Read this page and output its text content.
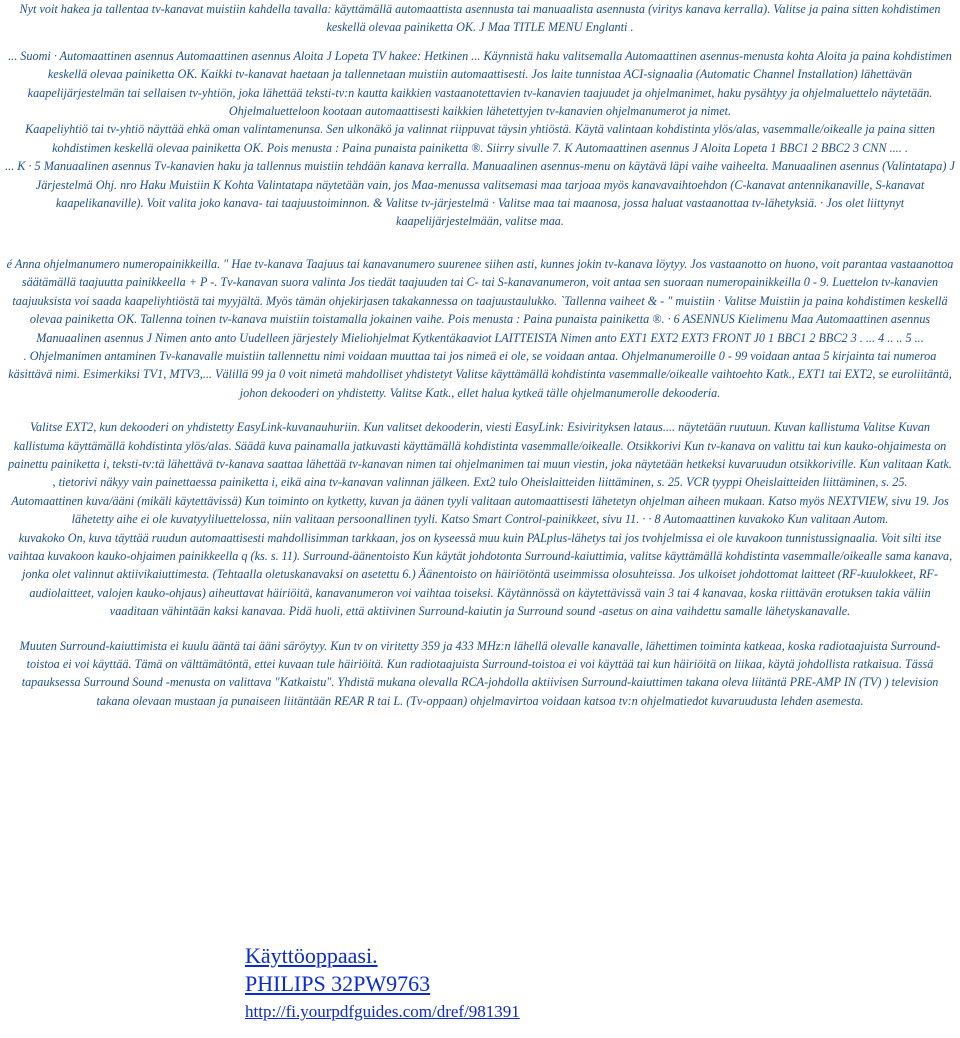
Nyt voit hakea ja tallentaa tv-kanavat muistiin kahdella tavalla: käyttämällä automaattista asennusta tai manuaalista asennusta (viritys kanava kerralla). Valitse ja paina sitten kohdistimen keskellä olevaa painiketta OK. J Maa TITLE MENU Englanti .

... Suomi · Automaattinen asennus Automaattinen asennus Aloita J Lopeta TV hakee: Hetkinen ... Käynnistä haku valitsemalla Automaattinen asennus-menusta kohta Aloita ja paina kohdistimen keskellä olevaa painiketta OK. Kaikki tv-kanavat haetaan ja tallennetaan muistiin automaattisesti. Jos laite tunnistaa ACI-signaalia (Automatic Channel Installation) lähettävän kaapelijärjestelmän tai sellaisen tv-yhtiön, joka lähettää teksti-tv:n kautta kaikkien vastaanotettavien tv-kanavien taajuudet ja ohjelmanimet, haku pysähtyy ja ohjelmaluettelo näytetään. Ohjelmaluetteloon kootaan automaattisesti kaikkien lähetettyjen tv-kanavien ohjelmanumerot ja nimet.

Kaapeliyhtiö tai tv-yhtiö näyttää ehkä oman valintamenunsa. Sen ulkonäkö ja valinnat riippuvat täysin yhtiöstä. Käytä valintaan kohdistinta ylös/alas, vasemmalle/oikealle ja paina sitten kohdistimen keskellä olevaa painiketta OK. Pois menusta : Paina punaista painiketta ®. Siirry sivulle 7. K Automaattinen asennus J Aloita Lopeta 1 BBC1 2 BBC2 3 CNN .... .

... K · 5 Manuaalinen asennus Tv-kanavien haku ja tallennus muistiin tehdään kanava kerralla. Manuaalinen asennus-menu on käytävä läpi vaihe vaiheelta. Manuaalinen asennus (Valintatapa) J Järjestelmä Ohj. nro Haku Muistiin K Kohta Valintatapa näytetään vain, jos Maa-menussa valitsemasi maa tarjoaa myös kanavavaihtoehdon (C-kanavat antennikanaville, S-kanavat kaapelikanaville). Voit valita joko kanava- tai taajuustoiminnon. & Valitse tv-järjestelmä · Valitse maa tai maanosa, jossa haluat vastaanottaa tv-lähetyksiä. · Jos olet liittynyt kaapelijärjestelmään, valitse maa.

é Anna ohjelmanumero numeropainikkeilla. " Hae tv-kanava Taajuus tai kanavanumero suurenee siihen asti, kunnes jokin tv-kanava löytyy. Jos vastaanotto on huono, voit parantaa vastaanottoa säätämällä taajuutta painikkeella + P -. Tv-kanavan suora valinta Jos tiedät taajuuden tai C- tai S-kanavanumeron, voit antaa sen suoraan numeropainikkeilla 0 - 9. Luettelon tv-kanavien taajuuksista voi saada kaapeliyhtiöstä tai myyjältä. Myös tämän ohjekirjasen takakannessa on taajuustaulukko. `Tallenna vaiheet & - " muistiin · Valitse Muistiin ja paina kohdistimen keskellä olevaa painiketta OK. Tallenna toinen tv-kanava muistiin toistamalla jokainen vaihe. Pois menusta : Paina punaista painiketta ®. · 6 ASENNUS Kielimenu Maa Automaattinen asennus Manuaalinen asennus J Nimen anto anto Uudelleen järjestely Mieliohjelmat Kytkentäkaaviot LAITTEISTA Nimen anto EXT1 EXT2 EXT3 FRONT J0 1 BBC1 2 BBC2 3 . ... 4 .. .. 5 ...

. Ohjelmanimen antaminen Tv-kanavalle muistiin tallennettu nimi voidaan muuttaa tai jos nimeä ei ole, se voidaan antaa. Ohjelmanumeroille 0 - 99 voidaan antaa 5 kirjainta tai numeroa käsittävä nimi. Esimerkiksi TV1, MTV3,... Välillä 99 ja 0 voit nimetä mahdolliset yhdistetyt Valitse käyttämällä kohdistinta vasemmalle/oikealle vaihtoehto Katk., EXT1 tai EXT2, se euroliitäntä, johon dekooderi on yhdistetty. Valitse Katk., ellet halua kytkeä tälle ohjelmanumerolle dekooderia.

Valitse EXT2, kun dekooderi on yhdistetty EasyLink-kuvanauhuriin. Kun valitset dekooderin, viesti EasyLink: Esivirityksen lataus.... näytetään ruutuun. Kuvan kallistuma Valitse Kuvan kallistuma käyttämällä kohdistinta ylös/alas. Säädä kuva painamalla jatkuvasti käyttämällä kohdistinta vasemmalle/oikealle. Otsikkorivi Kun tv-kanava on valittu tai kun kauko-ohjaimesta on painettu painiketta i, teksti-tv:tä lähettävä tv-kanava saattaa lähettää tv-kanavan nimen tai ohjelmanimen tai muun viestin, joka näytetään hetkeksi kuvaruudun otsikkoriville. Kun valitaan Katk.

, tietorivi näkyy vain painettaessa painiketta i, eikä aina tv-kanavan valinnan jälkeen. Ext2 tulo Oheislaitteiden liittäminen, s. 25. VCR tyyppi Oheislaitteiden liittäminen, s. 25.

Automaattinen kuva/ääni (mikäli käytettävissä) Kun toiminto on kytketty, kuvan ja äänen tyyli valitaan automaattisesti lähetetyn ohjelman aiheen mukaan. Katso myös NEXTVIEW, sivu 19. Jos lähetetty aihe ei ole kuvatyyliluettelossa, niin valitaan persoonallinen tyyli. Katso Smart Control-painikkeet, sivu 11. · · 8 Automaattinen kuvakoko Kun valitaan Autom.

kuvakoko On, kuva täyttää ruudun automaattisesti mahdollisimman tarkkaan, jos on kyseessä muu kuin PALplus-lähetys tai jos tvohjelmissa ei ole kuvakoon tunnistussignaalia. Voit silti itse vaihtaa kuvakoon kauko-ohjaimen painikkeella q (ks. s. 11). Surround-äänentoisto Kun käytät johdotonta Surround-kaiuttimia, valitse käyttämällä kohdistinta vasemmalle/oikealle sama kanava, jonka olet valinnut aktiivikaiuttimesta. (Tehtaalla oletuskanavaksi on asetettu 6.) Äänentoisto on häiriötöntä useimmissa olosuhteissa. Jos ulkoiset johdottomat laitteet (RF-kuulokkeet, RF-audiolaitteet, valojen kauko-ohjaus) aiheuttavat häiriöitä, kanavanumeron voi vaihtaa toiseksi. Käytännössä on käytettävissä vain 3 tai 4 kanavaa, koska riittävän erotuksen takia väliin vaaditaan vähintään kaksi kanavaa. Pidä huoli, että aktiivinen Surround-kaiutin ja Surround sound -asetus on aina vaihdettu samalle lähetyskanavalle.

Muuten Surround-kaiuttimista ei kuulu ääntä tai ääni säröytyy. Kun tv on viritetty 359 ja 433 MHz:n lähellä olevalle kanavalle, lähettimen toiminta katkeaa, koska radiotaajuista Surround-toistoa ei voi käyttää. Tämä on välttämätöntä, ettei kuvaan tule häiriöitä. Kun radiotaajuista Surround-toistoa ei voi käyttää tai kun häiriöitä on liikaa, käytä johdollista ratkaisua. Tässä tapauksessa Surround Sound -menusta on valittava "Katkaistu". Yhdistä mukana olevalla RCA-johdolla aktiivisen Surround-kaiuttimen takana oleva liitäntä PRE-AMP IN (TV) ) television takana olevaan mustaan ja punaiseen liitäntään REAR R tai L. (Tv-oppaan) ohjelmavirtoa voidaan katsoa tv:n ohjelmatiedot kuvaruudusta lehden asemesta.

Käyttöoppaasi.
PHILIPS 32PW9763
http://fi.yourpdfguides.com/dref/981391
